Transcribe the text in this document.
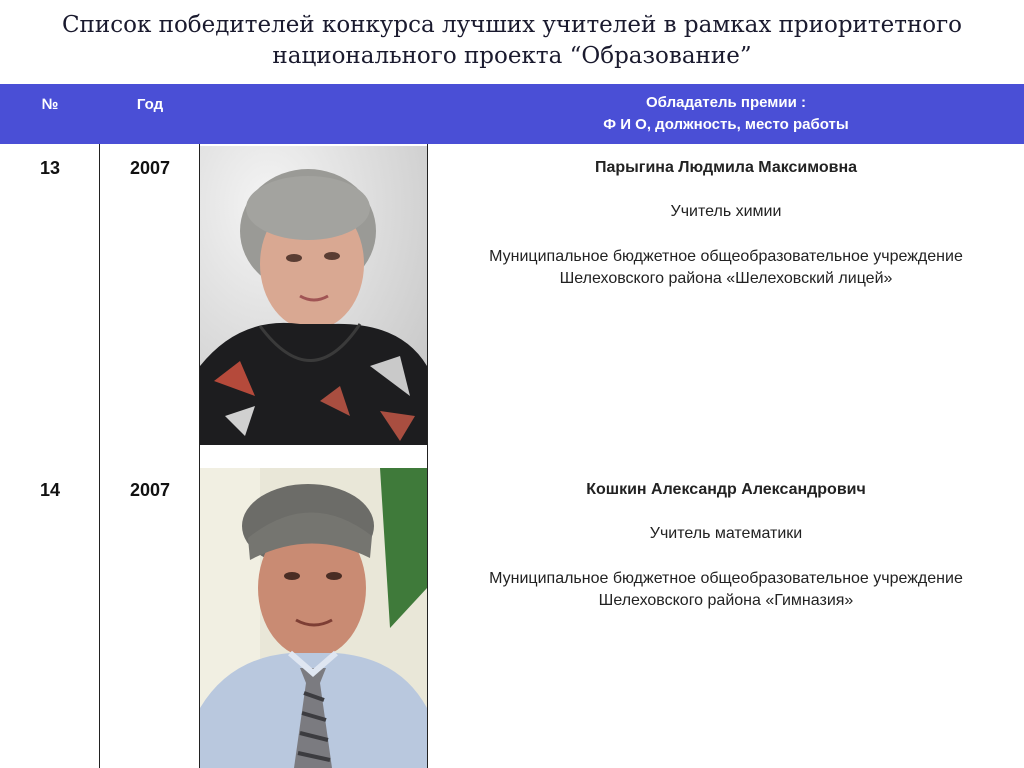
Список победителей конкурса лучших учителей в рамках приоритетного
национального проекта “Образование”
№	Год	Обладатель премии :
Ф И О, должность, место работы
13	2007	Парыгина Людмила Максимовна
Учитель химии
Муниципальное бюджетное общеобразовательное учреждение
Шелеховского района «Шелеховский лицей»
14	2007	Кошкин Александр Александрович
Учитель математики
Муниципальное бюджетное общеобразовательное учреждение
Шелеховского района «Гимназия»
